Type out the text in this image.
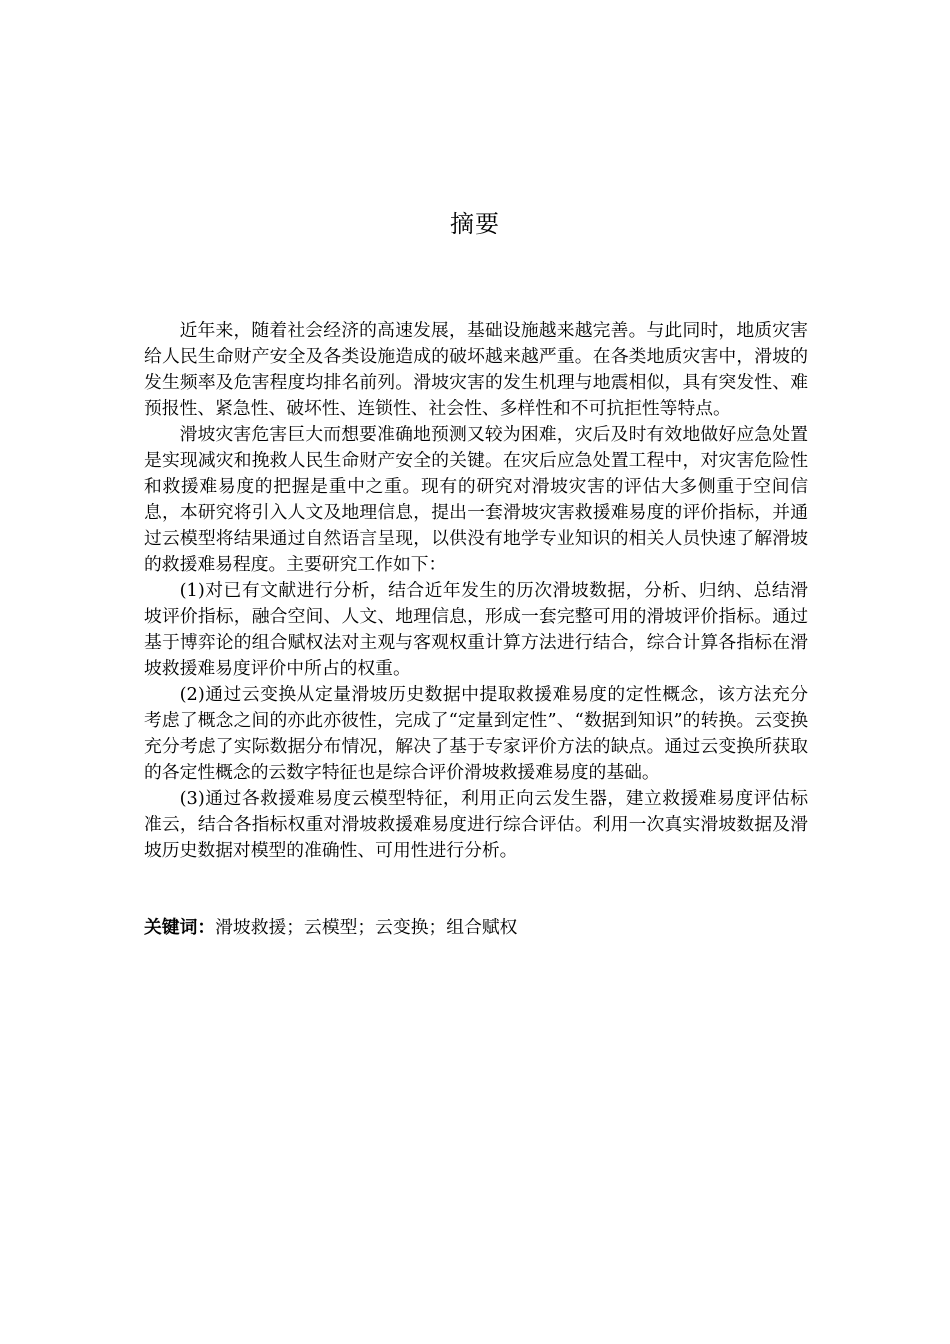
摘要

近年来，随着社会经济的高速发展，基础设施越来越完善。与此同时，地质灾害给人民生命财产安全及各类设施造成的破坏越来越严重。在各类地质灾害中，滑坡的发生频率及危害程度均排名前列。滑坡灾害的发生机理与地震相似，具有突发性、难预报性、紧急性、破坏性、连锁性、社会性、多样性和不可抗拒性等特点。

滑坡灾害危害巨大而想要准确地预测又较为困难，灾后及时有效地做好应急处置是实现减灾和挽救人民生命财产安全的关键。在灾后应急处置工程中，对灾害危险性和救援难易度的把握是重中之重。现有的研究对滑坡灾害的评估大多侧重于空间信息，本研究将引入人文及地理信息，提出一套滑坡灾害救援难易度的评价指标，并通过云模型将结果通过自然语言呈现，以供没有地学专业知识的相关人员快速了解滑坡的救援难易程度。主要研究工作如下：

(1)对已有文献进行分析，结合近年发生的历次滑坡数据，分析、归纳、总结滑坡评价指标，融合空间、人文、地理信息，形成一套完整可用的滑坡评价指标。通过基于博弈论的组合赋权法对主观与客观权重计算方法进行结合，综合计算各指标在滑坡救援难易度评价中所占的权重。

(2)通过云变换从定量滑坡历史数据中提取救援难易度的定性概念，该方法充分考虑了概念之间的亦此亦彼性，完成了“定量到定性”、“数据到知识”的转换。云变换充分考虑了实际数据分布情况，解决了基于专家评价方法的缺点。通过云变换所获取的各定性概念的云数字特征也是综合评价滑坡救援难易度的基础。

(3)通过各救援难易度云模型特征，利用正向云发生器，建立救援难易度评估标准云，结合各指标权重对滑坡救援难易度进行综合评估。利用一次真实滑坡数据及滑坡历史数据对模型的准确性、可用性进行分析。

关键词：滑坡救援；云模型；云变换；组合赋权
